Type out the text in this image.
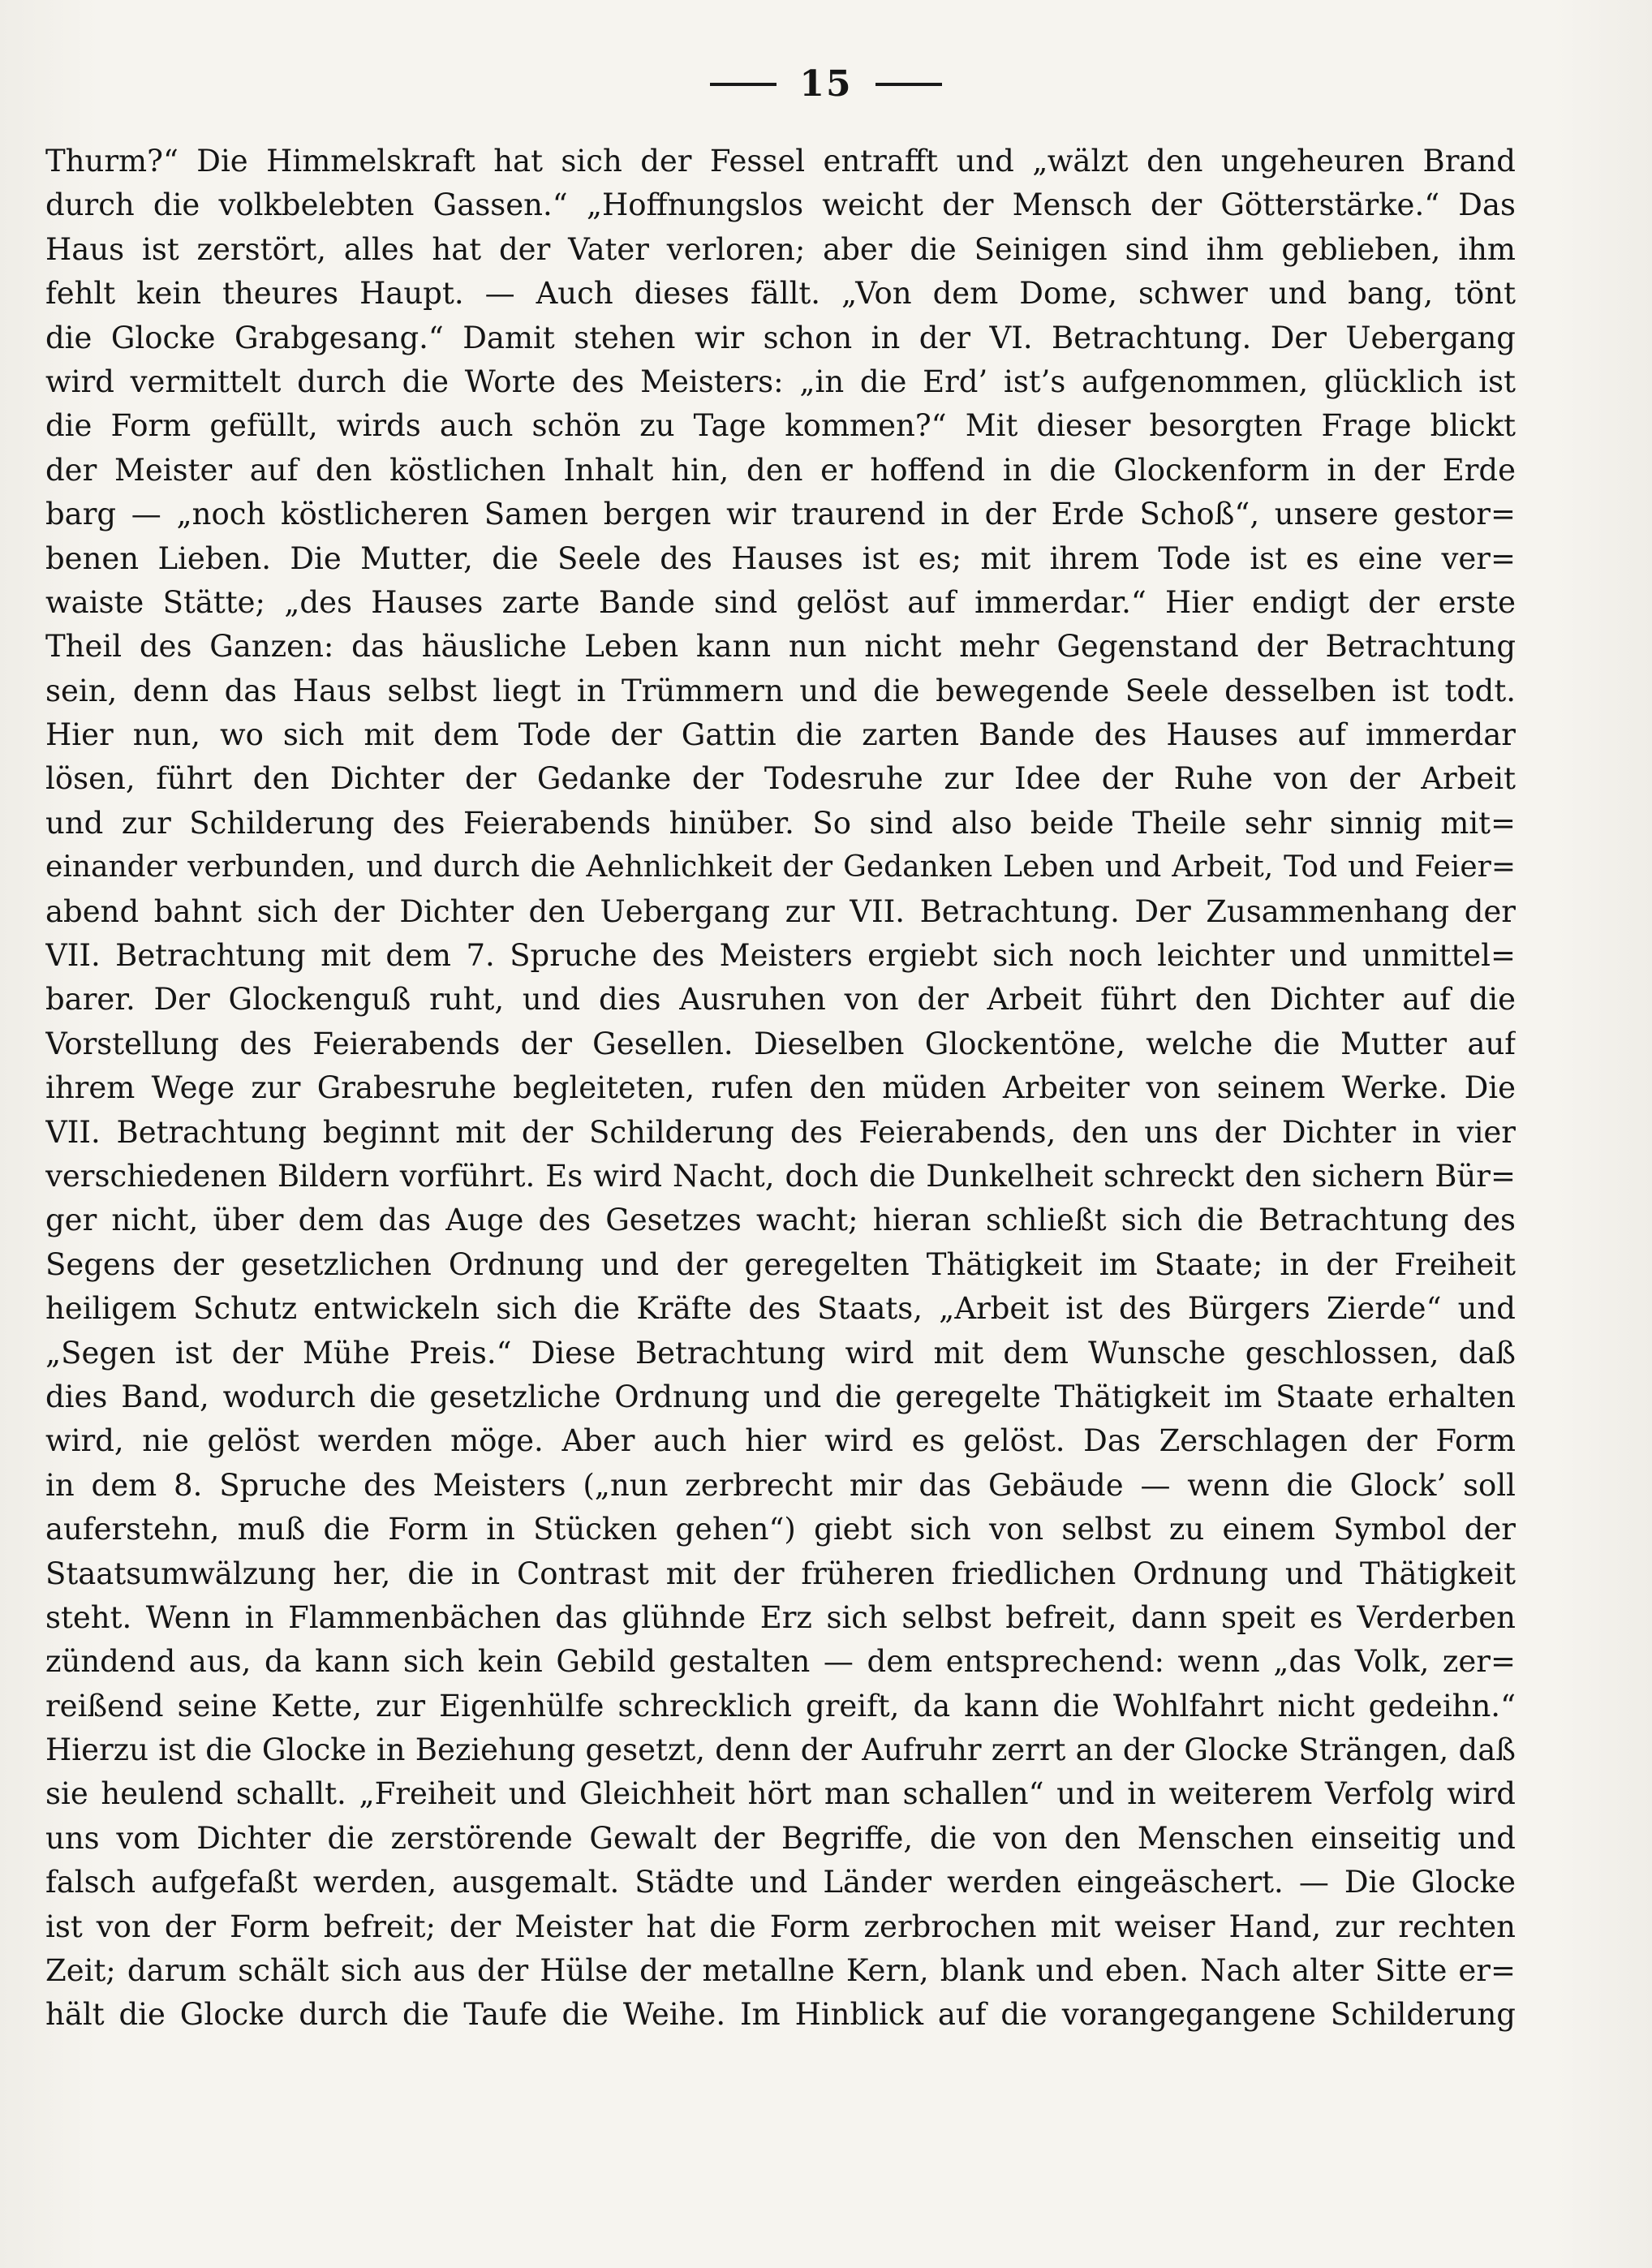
15
Thurm?“ Die Himmelskraft hat sich der Fessel entrafft und „wälzt den ungeheuren Brand
durch die volkbelebten Gassen.“ „Hoffnungslos weicht der Mensch der Götterstärke.“ Das
Haus ist zerstört, alles hat der Vater verloren; aber die Seinigen sind ihm geblieben, ihm
fehlt kein theures Haupt. — Auch dieses fällt. „Von dem Dome, schwer und bang, tönt
die Glocke Grabgesang.“ Damit stehen wir schon in der VI. Betrachtung. Der Uebergang
wird vermittelt durch die Worte des Meisters: „in die Erd’ ist’s aufgenommen, glücklich ist
die Form gefüllt, wirds auch schön zu Tage kommen?“ Mit dieser besorgten Frage blickt
der Meister auf den köstlichen Inhalt hin, den er hoffend in die Glockenform in der Erde
barg — „noch köstlicheren Samen bergen wir traurend in der Erde Schoß“, unsere gestor=
benen Lieben. Die Mutter, die Seele des Hauses ist es; mit ihrem Tode ist es eine ver=
waiste Stätte; „des Hauses zarte Bande sind gelöst auf immerdar.“ Hier endigt der erste
Theil des Ganzen: das häusliche Leben kann nun nicht mehr Gegenstand der Betrachtung
sein, denn das Haus selbst liegt in Trümmern und die bewegende Seele desselben ist todt.
Hier nun, wo sich mit dem Tode der Gattin die zarten Bande des Hauses auf immerdar
lösen, führt den Dichter der Gedanke der Todesruhe zur Idee der Ruhe von der Arbeit
und zur Schilderung des Feierabends hinüber. So sind also beide Theile sehr sinnig mit=
einander verbunden, und durch die Aehnlichkeit der Gedanken Leben und Arbeit, Tod und Feier=
abend bahnt sich der Dichter den Uebergang zur VII. Betrachtung. Der Zusammenhang der
VII. Betrachtung mit dem 7. Spruche des Meisters ergiebt sich noch leichter und unmittel=
barer. Der Glockenguß ruht, und dies Ausruhen von der Arbeit führt den Dichter auf die
Vorstellung des Feierabends der Gesellen. Dieselben Glockentöne, welche die Mutter auf
ihrem Wege zur Grabesruhe begleiteten, rufen den müden Arbeiter von seinem Werke. Die
VII. Betrachtung beginnt mit der Schilderung des Feierabends, den uns der Dichter in vier
verschiedenen Bildern vorführt. Es wird Nacht, doch die Dunkelheit schreckt den sichern Bür=
ger nicht, über dem das Auge des Gesetzes wacht; hieran schließt sich die Betrachtung des
Segens der gesetzlichen Ordnung und der geregelten Thätigkeit im Staate; in der Freiheit
heiligem Schutz entwickeln sich die Kräfte des Staats, „Arbeit ist des Bürgers Zierde“ und
„Segen ist der Mühe Preis.“ Diese Betrachtung wird mit dem Wunsche geschlossen, daß
dies Band, wodurch die gesetzliche Ordnung und die geregelte Thätigkeit im Staate erhalten
wird, nie gelöst werden möge. Aber auch hier wird es gelöst. Das Zerschlagen der Form
in dem 8. Spruche des Meisters („nun zerbrecht mir das Gebäude — wenn die Glock’ soll
auferstehn, muß die Form in Stücken gehen“) giebt sich von selbst zu einem Symbol der
Staatsumwälzung her, die in Contrast mit der früheren friedlichen Ordnung und Thätigkeit
steht. Wenn in Flammenbächen das glühnde Erz sich selbst befreit, dann speit es Verderben
zündend aus, da kann sich kein Gebild gestalten — dem entsprechend: wenn „das Volk, zer=
reißend seine Kette, zur Eigenhülfe schrecklich greift, da kann die Wohlfahrt nicht gedeihn.“
Hierzu ist die Glocke in Beziehung gesetzt, denn der Aufruhr zerrt an der Glocke Strängen, daß
sie heulend schallt. „Freiheit und Gleichheit hört man schallen“ und in weiterem Verfolg wird
uns vom Dichter die zerstörende Gewalt der Begriffe, die von den Menschen einseitig und
falsch aufgefaßt werden, ausgemalt. Städte und Länder werden eingeäschert. — Die Glocke
ist von der Form befreit; der Meister hat die Form zerbrochen mit weiser Hand, zur rechten
Zeit; darum schält sich aus der Hülse der metallne Kern, blank und eben. Nach alter Sitte er=
hält die Glocke durch die Taufe die Weihe. Im Hinblick auf die vorangegangene Schilderung
